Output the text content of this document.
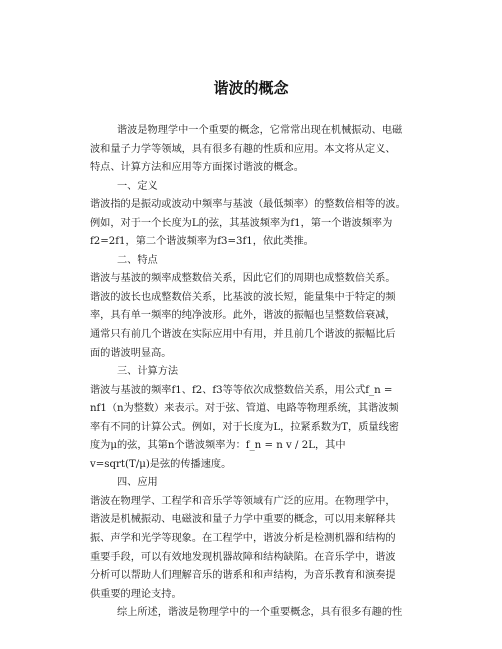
谐波的概念
谐波是物理学中一个重要的概念，它常常出现在机械振动、电磁
波和量子力学等领域，具有很多有趣的性质和应用。本文将从定义、
特点、计算方法和应用等方面探讨谐波的概念。
一、定义
谐波指的是振动或波动中频率与基波（最低频率）的整数倍相等的波。
例如，对于一个长度为L的弦，其基波频率为f1，第一个谐波频率为
f2=2f1，第二个谐波频率为f3=3f1，依此类推。
二、特点
谐波与基波的频率成整数倍关系，因此它们的周期也成整数倍关系。
谐波的波长也成整数倍关系，比基波的波长短，能量集中于特定的频
率，具有单一频率的纯净波形。此外，谐波的振幅也呈整数倍衰减，
通常只有前几个谐波在实际应用中有用，并且前几个谐波的振幅比后
面的谐波明显高。
三、计算方法
谐波与基波的频率f1、f2、f3等等依次成整数倍关系，用公式f_n =
nf1（n为整数）来表示。对于弦、管道、电路等物理系统，其谐波频
率有不同的计算公式。例如，对于长度为L，拉紧系数为T，质量线密
度为μ的弦，其第n个谐波频率为：f_n = n v / 2L，其中
v=sqrt(T/μ)是弦的传播速度。
四、应用
谐波在物理学、工程学和音乐学等领域有广泛的应用。在物理学中，
谐波是机械振动、电磁波和量子力学中重要的概念，可以用来解释共
振、声学和光学等现象。在工程学中，谐波分析是检测机器和结构的
重要手段，可以有效地发现机器故障和结构缺陷。在音乐学中，谐波
分析可以帮助人们理解音乐的谐系和和声结构，为音乐教育和演奏提
供重要的理论支持。
综上所述，谐波是物理学中的一个重要概念，具有很多有趣的性
